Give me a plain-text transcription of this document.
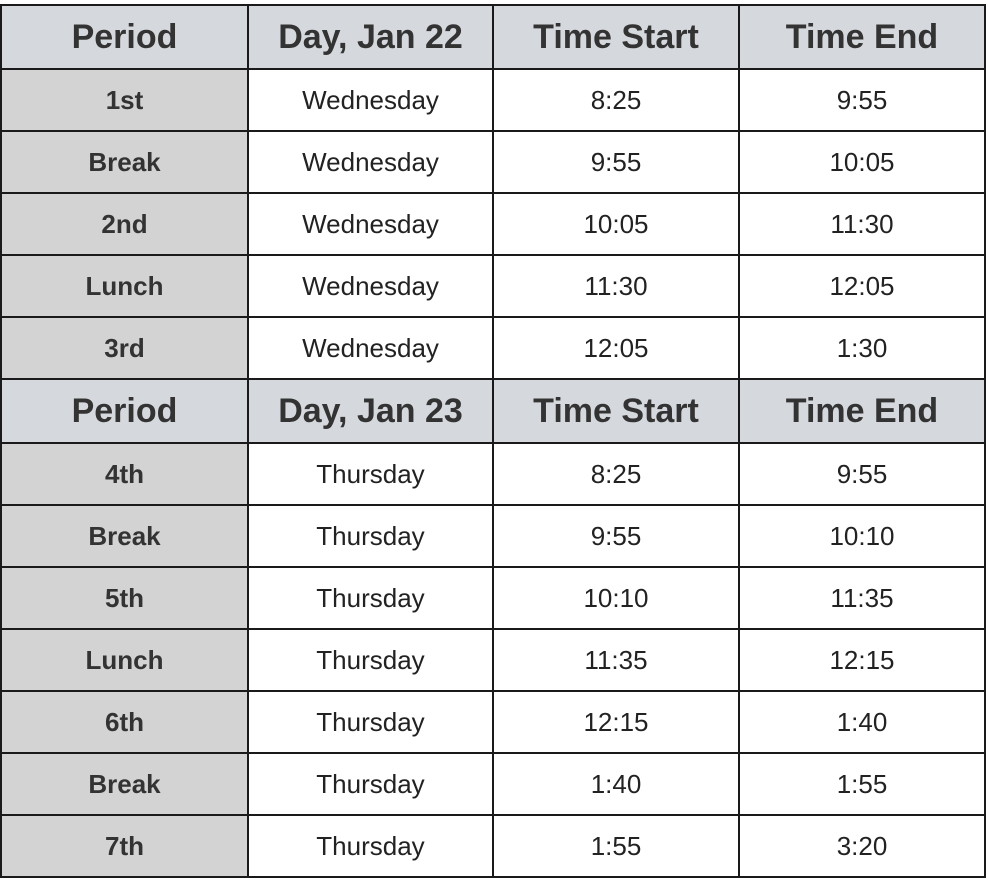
Period	Day, Jan 22	Time Start	Time End
1st	Wednesday	8:25	9:55
Break	Wednesday	9:55	10:05
2nd	Wednesday	10:05	11:30
Lunch	Wednesday	11:30	12:05
3rd	Wednesday	12:05	1:30
Period	Day, Jan 23	Time Start	Time End
4th	Thursday	8:25	9:55
Break	Thursday	9:55	10:10
5th	Thursday	10:10	11:35
Lunch	Thursday	11:35	12:15
6th	Thursday	12:15	1:40
Break	Thursday	1:40	1:55
7th	Thursday	1:55	3:20
